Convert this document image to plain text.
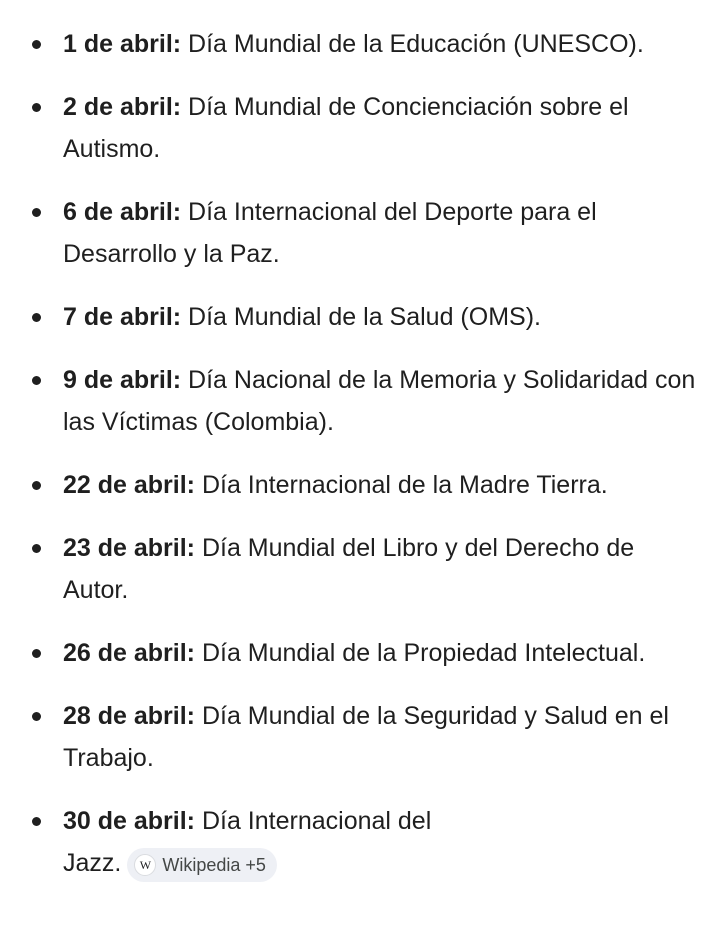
1 de abril: Día Mundial de la Educación (UNESCO).
2 de abril: Día Mundial de Concienciación sobre el Autismo.
6 de abril: Día Internacional del Deporte para el Desarrollo y la Paz.
7 de abril: Día Mundial de la Salud (OMS).
9 de abril: Día Nacional de la Memoria y Solidaridad con las Víctimas (Colombia).
22 de abril: Día Internacional de la Madre Tierra.
23 de abril: Día Mundial del Libro y del Derecho de Autor.
26 de abril: Día Mundial de la Propiedad Intelectual.
28 de abril: Día Mundial de la Seguridad y Salud en el Trabajo.
30 de abril: Día Internacional del
Jazz.	W Wikipedia +5
